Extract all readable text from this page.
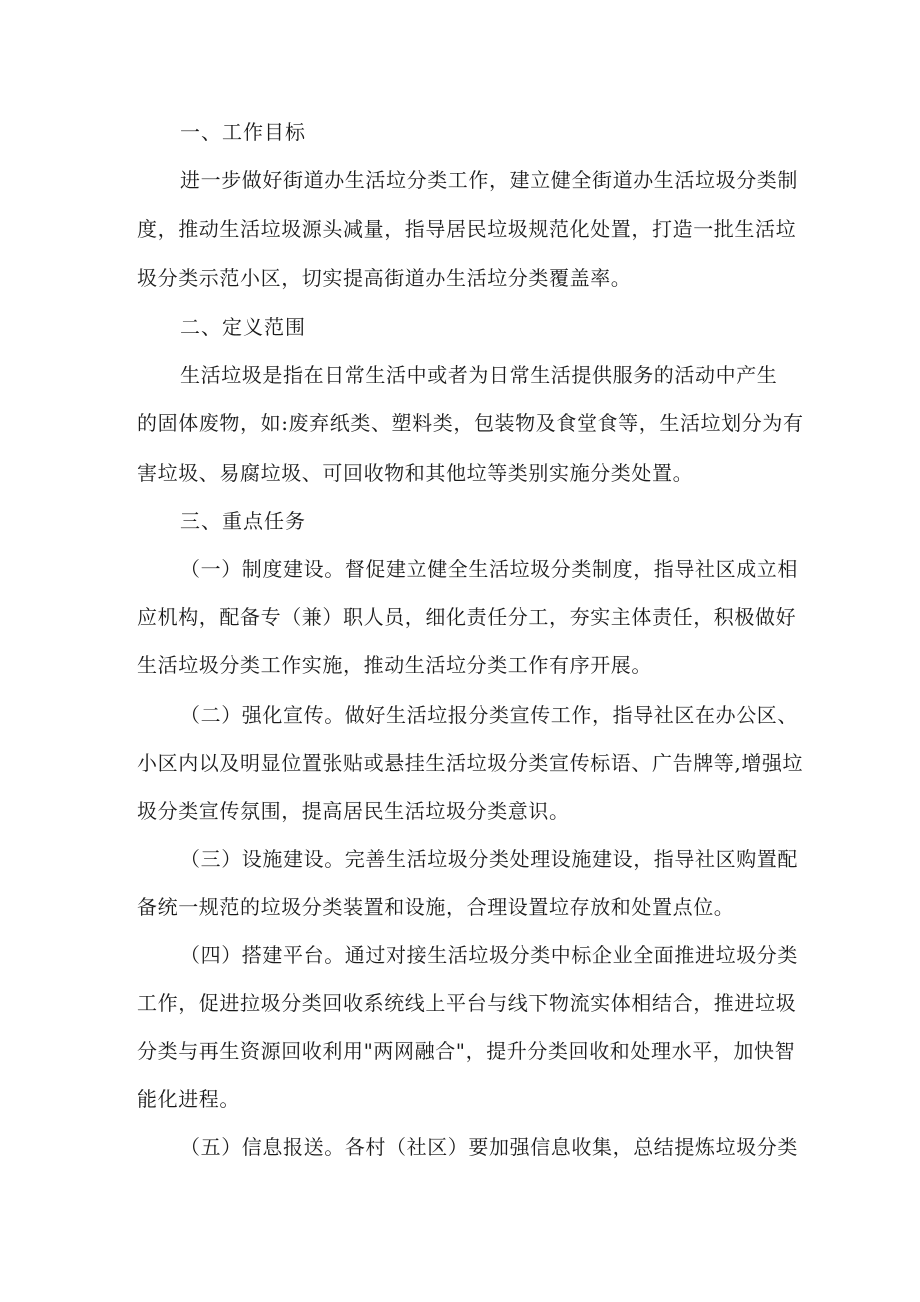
一、工作目标
进一步做好街道办生活垃分类工作，建立健全街道办生活垃圾分类制
度，推动生活垃圾源头减量，指导居民垃圾规范化处置，打造一批生活垃
圾分类示范小区，切实提高街道办生活垃分类覆盖率。
二、定义范围
生活垃圾是指在日常生活中或者为日常生活提供服务的活动中产生
的固体废物，如:废弃纸类、塑料类，包装物及食堂食等，生活垃划分为有
害垃圾、易腐垃圾、可回收物和其他垃等类别实施分类处置。
三、重点任务
（一）制度建设。督促建立健全生活垃圾分类制度，指导社区成立相
应机构，配备专（兼）职人员，细化责任分工，夯实主体责任，积极做好
生活垃圾分类工作实施，推动生活垃分类工作有序开展。
（二）强化宣传。做好生活垃报分类宣传工作，指导社区在办公区、
小区内以及明显位置张贴或悬挂生活垃圾分类宣传标语、广告牌等,增强垃
圾分类宣传氛围，提高居民生活垃圾分类意识。
（三）设施建设。完善生活垃圾分类处理设施建设，指导社区购置配
备统一规范的垃圾分类装置和设施，合理设置垃存放和处置点位。
（四）搭建平台。通过对接生活垃圾分类中标企业全面推进垃圾分类
工作，促进拉圾分类回收系统线上平台与线下物流实体相结合，推进垃圾
分类与再生资源回收利用"两网融合"，提升分类回收和处理水平，加快智
能化进程。
（五）信息报送。各村（社区）要加强信息收集，总结提炼垃圾分类
